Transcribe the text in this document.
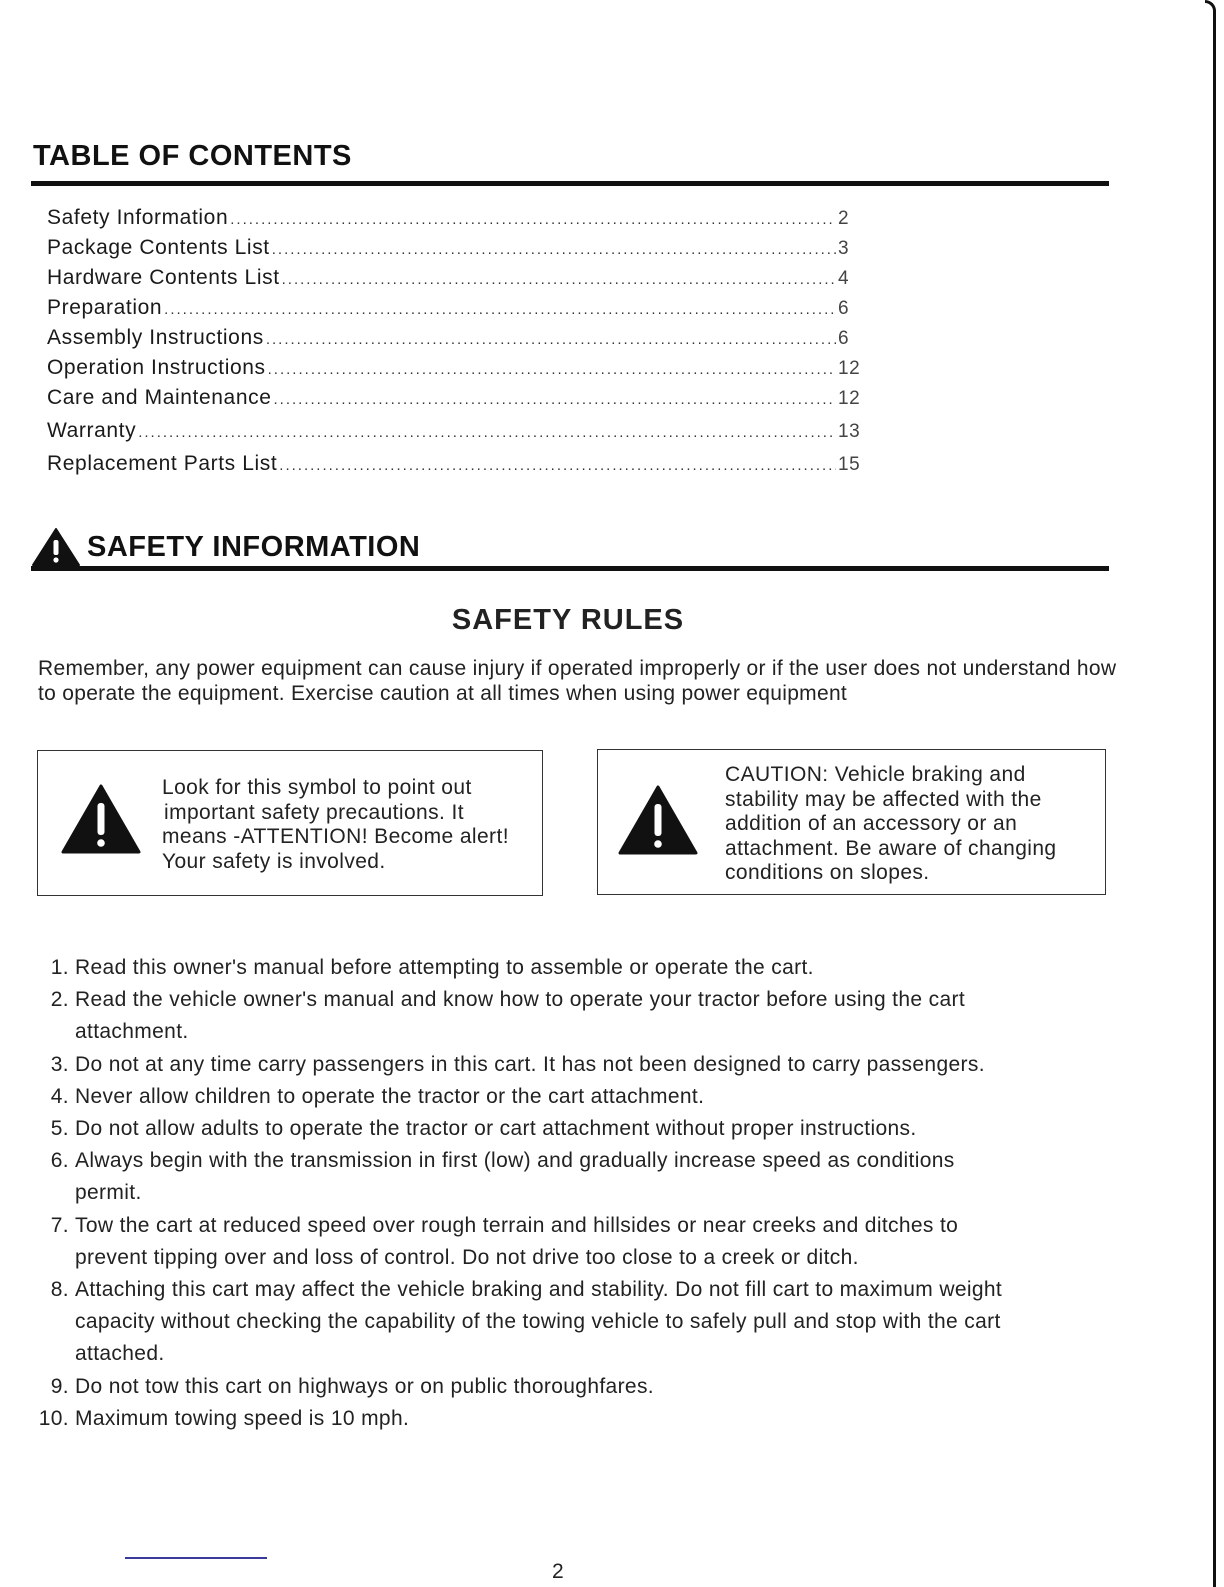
TABLE OF CONTENTS
Safety Information .....	2
Package Contents List .....	3
Hardware Contents List .....	4
Preparation .....	6
Assembly Instructions .....	6
Operation Instructions .....	12
Care and Maintenance .....	12
Warranty .....	13
Replacement Parts List .....	15
SAFETY INFORMATION
SAFETY RULES
Remember, any power equipment can cause injury if operated improperly or if the user does not understand how to operate the equipment. Exercise caution at all times when using power equipment
Look for this symbol to point out
important safety precautions. It
means -ATTENTION! Become alert!
Your safety is involved.
CAUTION: Vehicle braking and
stability may be affected with the
addition of an accessory or an
attachment. Be aware of changing
conditions on slopes.
1. Read this owner's manual before attempting to assemble or operate the cart.
2. Read the vehicle owner's manual and know how to operate your tractor before using the cart
attachment.
3. Do not at any time carry passengers in this cart. It has not been designed to carry passengers.
4. Never allow children to operate the tractor or the cart attachment.
5. Do not allow adults to operate the tractor or cart attachment without proper instructions.
6. Always begin with the transmission in first (low) and gradually increase speed as conditions
permit.
7. Tow the cart at reduced speed over rough terrain and hillsides or near creeks and ditches to
prevent tipping over and loss of control. Do not drive too close to a creek or ditch.
8. Attaching this cart may affect the vehicle braking and stability. Do not fill cart to maximum weight
capacity without checking the capability of the towing vehicle to safely pull and stop with the cart
attached.
9. Do not tow this cart on highways or on public thoroughfares.
10. Maximum towing speed is 10 mph.
2
